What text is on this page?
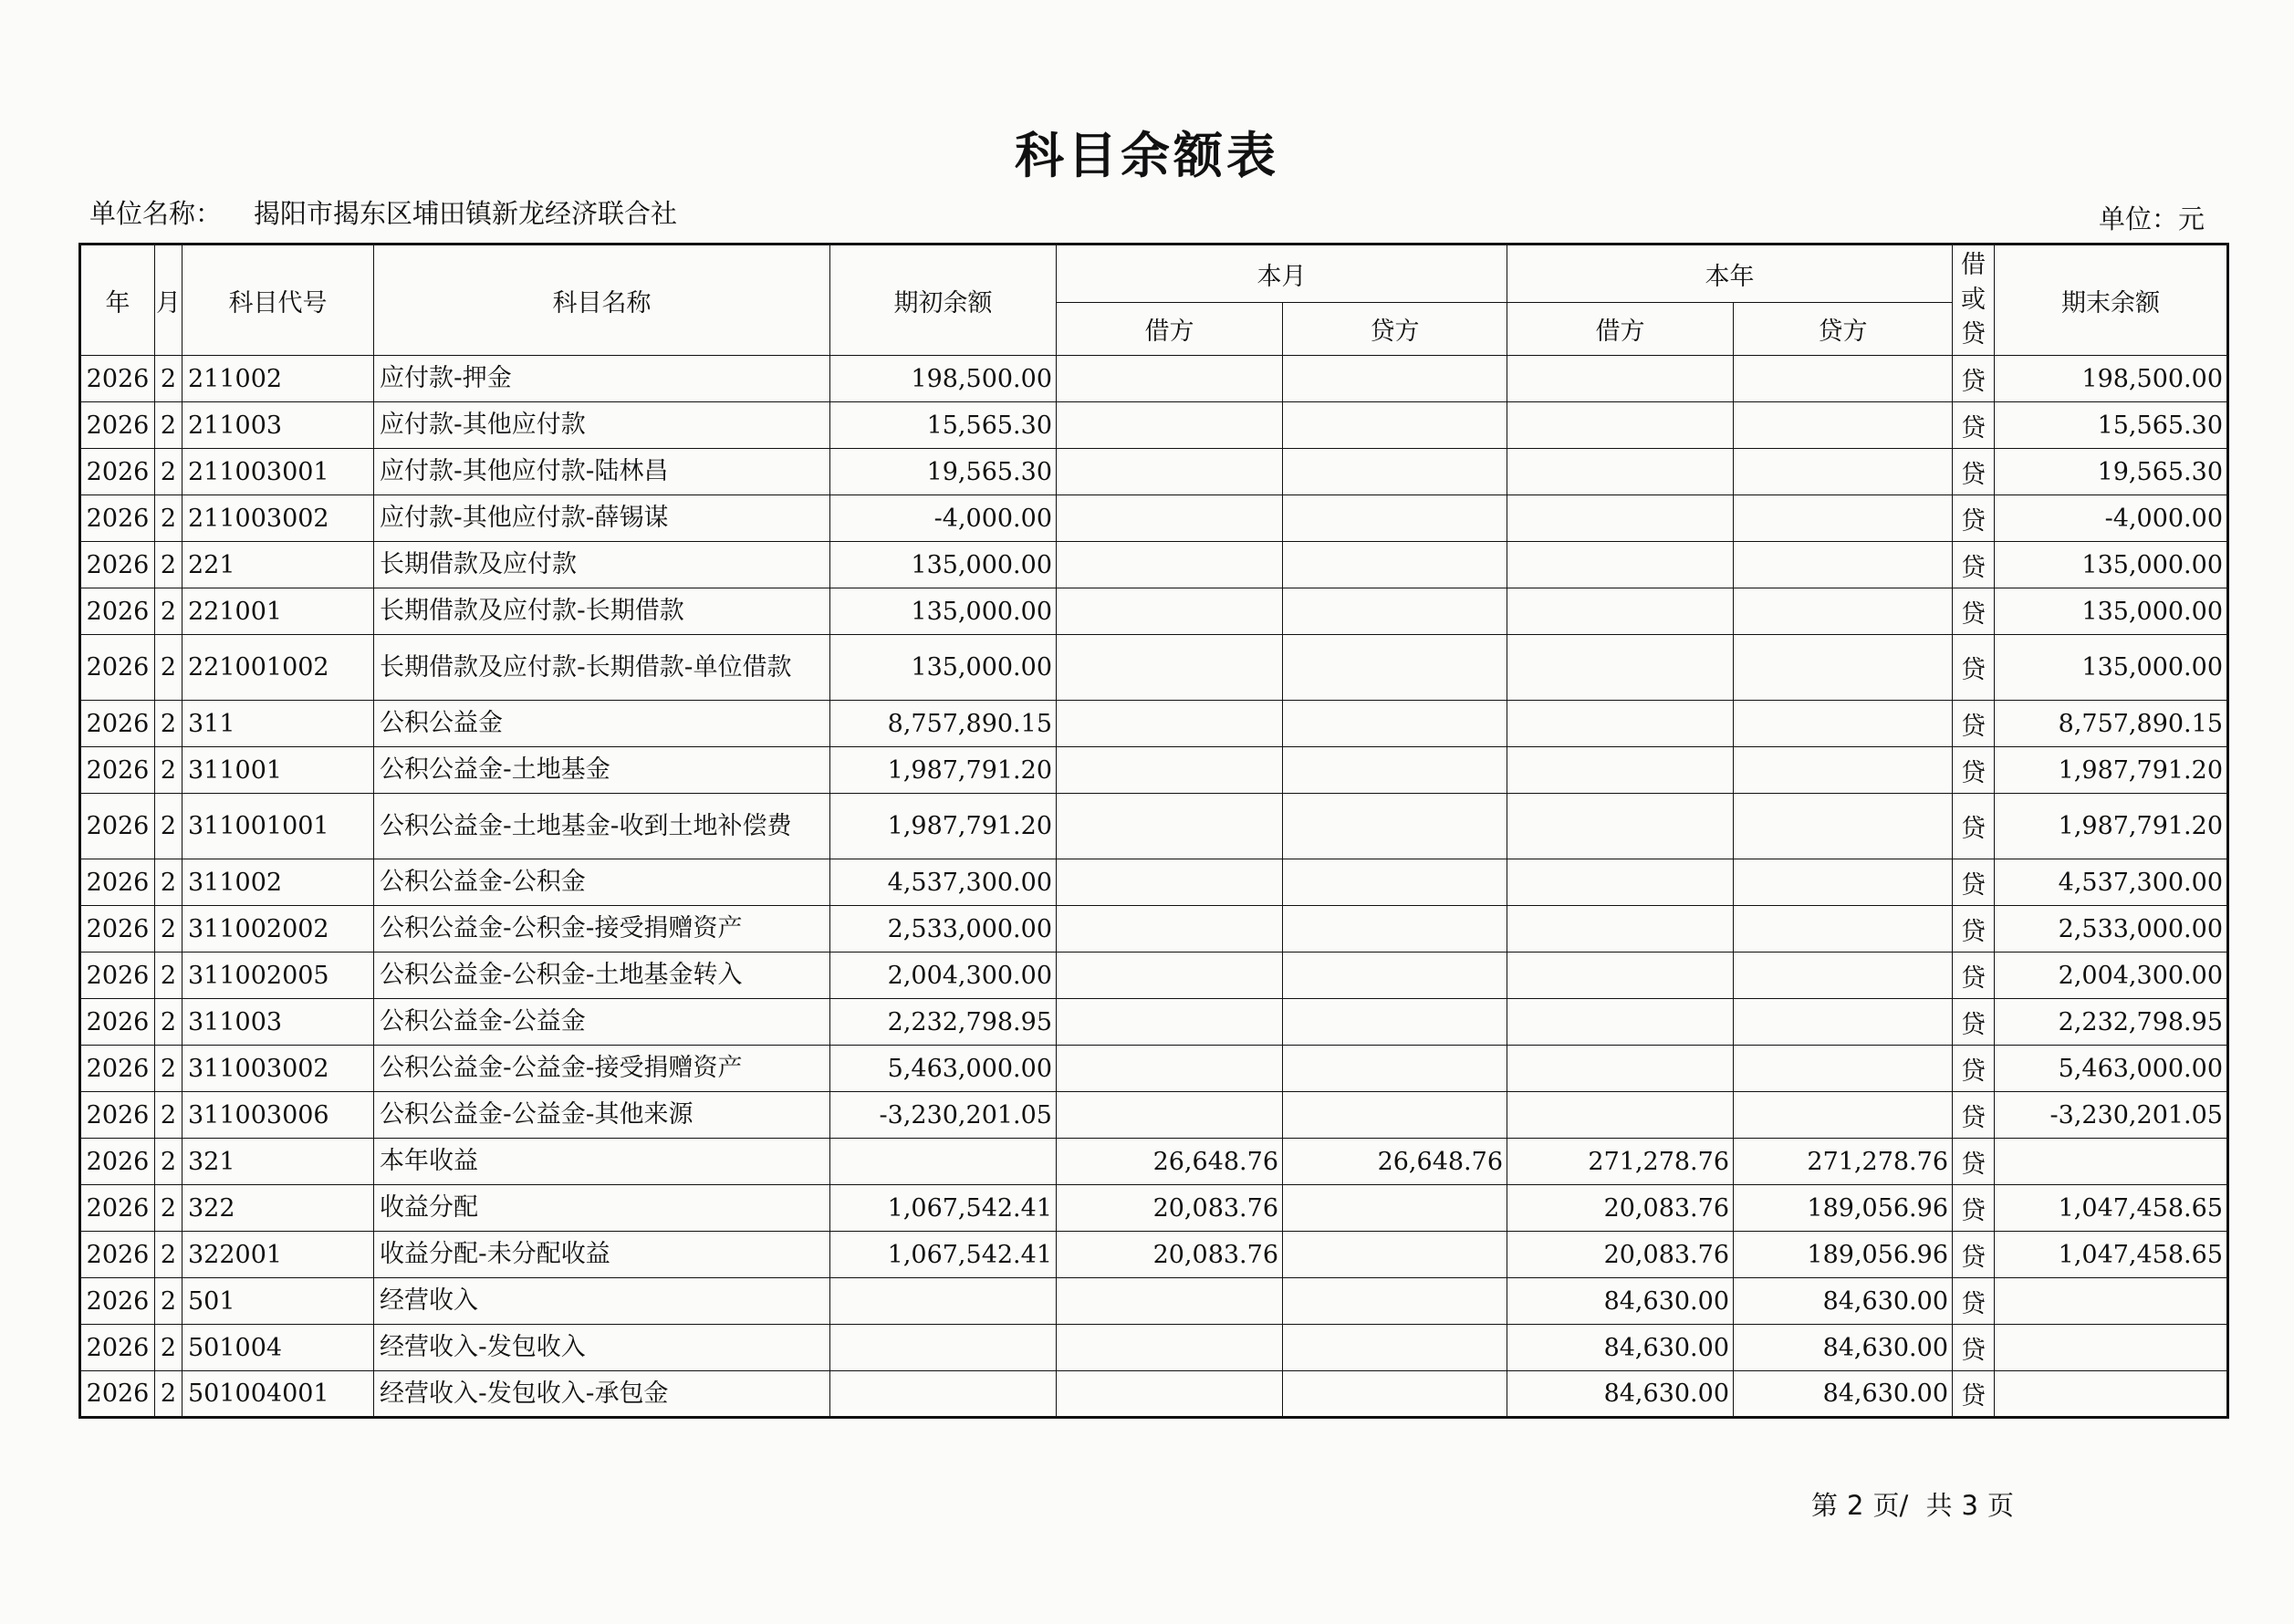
科目余额表
单位名称： 揭阳市揭东区埔田镇新龙经济联合社	单位：元
年	月	科目代号	科目名称	期初余额	本月		本年		借或贷	期末余额
					借方	贷方	借方	贷方		
2026	2	211002	应付款-押金	198,500.00					贷	198,500.00
2026	2	211003	应付款-其他应付款	15,565.30					贷	15,565.30
2026	2	211003001	应付款-其他应付款-陆林昌	19,565.30					贷	19,565.30
2026	2	211003002	应付款-其他应付款-薛锡谋	-4,000.00					贷	-4,000.00
2026	2	221	长期借款及应付款	135,000.00					贷	135,000.00
2026	2	221001	长期借款及应付款-长期借款	135,000.00					贷	135,000.00
2026	2	221001002	长期借款及应付款-长期借款-单位借款	135,000.00					贷	135,000.00
2026	2	311	公积公益金	8,757,890.15					贷	8,757,890.15
2026	2	311001	公积公益金-土地基金	1,987,791.20					贷	1,987,791.20
2026	2	311001001	公积公益金-土地基金-收到土地补偿费	1,987,791.20					贷	1,987,791.20
2026	2	311002	公积公益金-公积金	4,537,300.00					贷	4,537,300.00
2026	2	311002002	公积公益金-公积金-接受捐赠资产	2,533,000.00					贷	2,533,000.00
2026	2	311002005	公积公益金-公积金-土地基金转入	2,004,300.00					贷	2,004,300.00
2026	2	311003	公积公益金-公益金	2,232,798.95					贷	2,232,798.95
2026	2	311003002	公积公益金-公益金-接受捐赠资产	5,463,000.00					贷	5,463,000.00
2026	2	311003006	公积公益金-公益金-其他来源	-3,230,201.05					贷	-3,230,201.05
2026	2	321	本年收益		26,648.76	26,648.76	271,278.76	271,278.76	贷	
2026	2	322	收益分配	1,067,542.41	20,083.76		20,083.76	189,056.96	贷	1,047,458.65
2026	2	322001	收益分配-未分配收益	1,067,542.41	20,083.76		20,083.76	189,056.96	贷	1,047,458.65
2026	2	501	经营收入				84,630.00	84,630.00	贷	
2026	2	501004	经营收入-发包收入				84,630.00	84,630.00	贷	
2026	2	501004001	经营收入-发包收入-承包金				84,630.00	84,630.00	贷	
第 2 页/ 共 3 页
